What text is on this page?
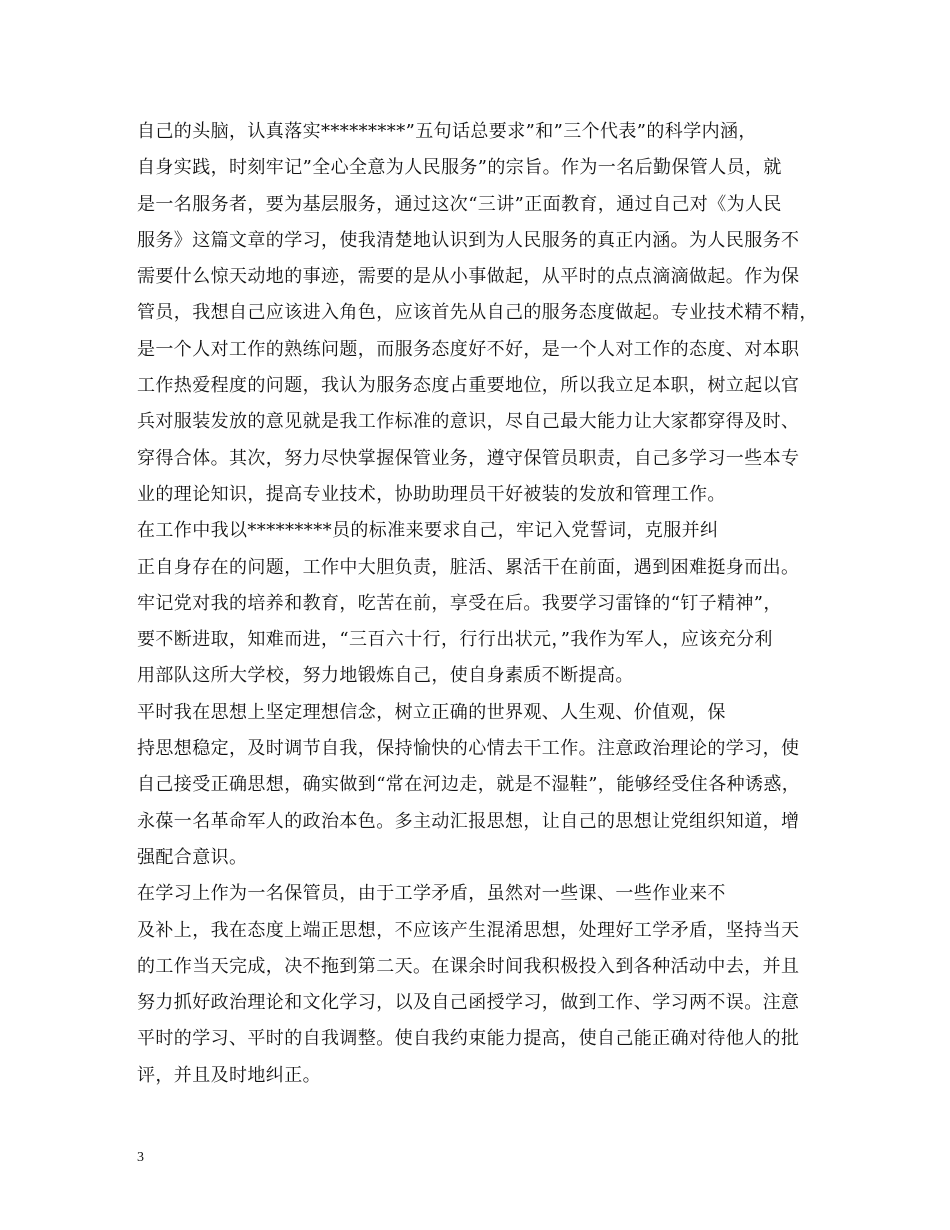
自己的头脑，认真落实*********”五句话总要求”和”三个代表”的科学内涵，

自身实践，时刻牢记”全心全意为人民服务”的宗旨。作为一名后勤保管人员，就

是一名服务者，要为基层服务，通过这次“三讲”正面教育，通过自己对《为人民

服务》这篇文章的学习，使我清楚地认识到为人民服务的真正内涵。为人民服务不

需要什么惊天动地的事迹，需要的是从小事做起，从平时的点点滴滴做起。作为保

管员，我想自己应该进入角色，应该首先从自己的服务态度做起。专业技术精不精，

是一个人对工作的熟练问题，而服务态度好不好，是一个人对工作的态度、对本职

工作热爱程度的问题，我认为服务态度占重要地位，所以我立足本职，树立起以官

兵对服装发放的意见就是我工作标准的意识，尽自己最大能力让大家都穿得及时、

穿得合体。其次，努力尽快掌握保管业务，遵守保管员职责，自己多学习一些本专

业的理论知识，提高专业技术，协助助理员干好被装的发放和管理工作。

在工作中我以*********员的标准来要求自己，牢记入党誓词，克服并纠

正自身存在的问题，工作中大胆负责，脏活、累活干在前面，遇到困难挺身而出。

牢记党对我的培养和教育，吃苦在前，享受在后。我要学习雷锋的“钉子精神”，

要不断进取，知难而进，“三百六十行，行行出状元，”我作为军人，应该充分利

用部队这所大学校，努力地锻炼自己，使自身素质不断提高。

平时我在思想上坚定理想信念，树立正确的世界观、人生观、价值观，保

持思想稳定，及时调节自我，保持愉快的心情去干工作。注意政治理论的学习，使

自己接受正确思想，确实做到“常在河边走，就是不湿鞋”，能够经受住各种诱惑，

永葆一名革命军人的政治本色。多主动汇报思想，让自己的思想让党组织知道，增

强配合意识。

在学习上作为一名保管员，由于工学矛盾，虽然对一些课、一些作业来不

及补上，我在态度上端正思想，不应该产生混淆思想，处理好工学矛盾，坚持当天

的工作当天完成，决不拖到第二天。在课余时间我积极投入到各种活动中去，并且

努力抓好政治理论和文化学习，以及自己函授学习，做到工作、学习两不误。注意

平时的学习、平时的自我调整。使自我约束能力提高，使自己能正确对待他人的批

评，并且及时地纠正。

3
